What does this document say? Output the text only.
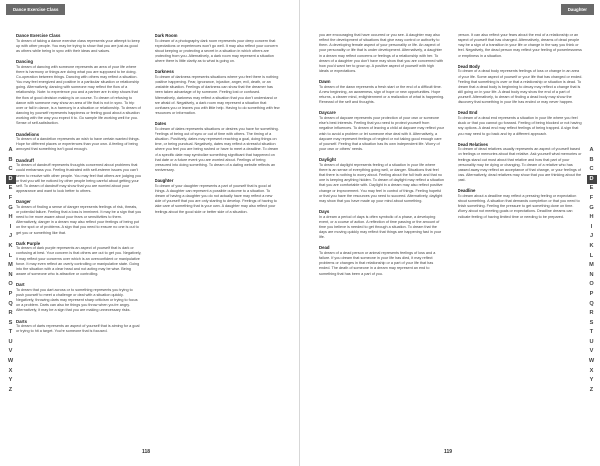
Dance Exercise Class
Dance Exercise Class

To dream of taking a dance exercise class represents your attempt to keep up with other people. You may be trying to show that you are just as good as others while being in sync with their ideas and values.

Dancing

To dream of dancing with someone represents an area of your life where there is harmony or things are doing what you are supposed to be doing. Co-operation between things. Dancing with others may reflect a situation. You may feel energized and positive in a particular situation or relationship going. Alternatively, dancing with someone may reflect the flow of a relationship. Note: to experience you and a partner are in step shows that the flow of good decision making is on course. To dream of refusing to dance with someone may show an area of life that is not in sync. To trip over or fall in dance, is a harmony in a situation or relationship. To dream of dancing by yourself represents happiness or feeling good about a situation working with the way you expect it to. Go sample life working well for you. Sense of self-satisfaction.

Dandelions

To dream of a dandelion represents an wish to have certain wanted things. Hope for different places or experiences than your own. A feeling of being annoyed that something isn't good enough.

Dandruff

To dream of dandruff represents thoughts concerned about problems that could embarrass you. Feeling frustrated with self-esteem issues you can't seem to resolve with other people. You may feel that others are judging you or that you will be noticed by other people being careful about getting your self. To dream of dandruff may show that you are worried about your appearance and want to look better to others.

Danger

To dream of finding a sense of danger represents feelings of risk, threats, or potential failure. Feeling that a loss is imminent. It may be a sign that you need to be more aware about your fears or sensitivities to them. Alternatively, danger in a dream may also reflect your feelings of being put on the spot or of problems. A sign that you need to ensure no one is out to get you or something like that.

Dark Purple

To dream of dark purple represents an aspect of yourself that is dark or confusing at best. Your concern is that others are out to get you. Negatively, it may reflect your concerns over which is an overconfident or manipulative force. It may even reflect an overly controlling or manipulative state. Going into the situation with a clear head and not acting may be wise. Being aware of someone who is attractive or controlling.

Dart

To dream that you dart across or to something represents you trying to push yourself to meet a challenge or deal with a situation quickly. Negatively, throwing darts may represent sharp criticism or trying to focus on a problem. Darts can also be things you throw when you're angry. Alternatively, it may be a sign that you are making unnecessary risks.

Darts

To dream of darts represents an aspect of yourself that is aiming for a goal or trying to hit a target. You're someone that is focused.

Dark Room

To dream of a photography dark room represents your deep concern that expectations or experiences won't go well. It may also reflect your concern about keeping or protecting a secret in a situation in which others are protecting from you. Alternatively, a dark room may represent a situation where there is little clarity as to what is going on.

Darkness

To dream of darkness represents situations where you feel there is nothing positive happening. Fear, ignorance, injustice, anger, evil, death, or an unstable situation. Feelings of darkness can show that the dreamer has been taken advantage of by someone. Feeling lost or confused. Alternatively, darkness may reflect a situation that you don't understand or are afraid of. Negatively, a dark room may represent a situation that confuses you or leaves you with little help. Having to do something with few resources or information.

Dates

To dream of dates represents situations or desires you have for something. Feelings of being out of sync or out of time with others. The timing of a situation. Positively, dates may represent reaching a goal, doing things on time, or being punctual. Negatively, dates may reflect a stressful situation where you feel you are being rushed or have to meet a deadline. To dream of a specific date may symbolize something significant that happened on that date or a future event you are worried about. Feelings of being pressured into doing something. To dream of a dating website reflects an anniversary.

Daughter

To dream of your daughter represents a part of yourself that is good at things. A daughter can represent a possible outcome to a situation. To dream of having a daughter you do not actually have may reflect a new side of yourself that you are only starting to develop. Feelings of having to take care of something that is your own. A daughter may also reflect your feelings about the good side or better side of a situation.

A
B
C
D
E
F
G
H
I
J
K
L
M
N
O
P
Q
R
S
T
U
V
W
X
Y
Z
118
Daughter

you are encouraging that have occurred or you see. A daughter may also reflect the development of situations that give easy control or authority to them. A developing female aspect of your personality or life. An aspect of your personality or life that is under development. Alternatively, a daughter in a dream may reflect concerns or feelings of a relationship with her. To dream of a daughter you don't have may show that you are concerned with how you'd want her to grow up. A positive aspect of yourself with high ideals or expectations.

Dawn

To dream of the dawn represents a fresh start or the end of a difficult time. A new beginning, an awareness, sign of hope or new opportunities. Hope returns, a clearer mind, enlightenment or a realization of what is happening. Renewal of the self and thoughts.

Daycare

To dream of daycare represents your protection of your own or someone else's best interests. Feeling that you need to protect yourself from negative influences. To dream of leaving a child at daycare may reflect your wish to avoid a problem or let someone else deal with it. Alternatively, a daycare may represent feelings of neglect or not taking good enough care of yourself. Feeling that a situation has its own independent life. Worry of your own or others' needs.

Daylight

To dream of daylight represents feeling of a situation in your life where there is an sense of everything going well, or danger. Situations that feel that there is nothing to worry about. Feeling about the full truth and that no one is keeping anything hidden. To dream of daylight may reflect a situation that you are comfortable with. Daylight in a dream may also reflect positive change or improvement. You may feel in control of things. Feeling hopeful or that you have the resources you need to succeed. Alternatively, daylight may show that you have made up your mind about something.

Days

In a dream a period of days is often symbolic of a phase, a developing event, or a course of action. A reflection of time passing or the amount of time you believe is needed to get through a situation. To dream that the days are moving quickly may reflect that things are happening fast in your life.

Dead

To dream of a dead person or animal represents feelings of loss and a failure. If you dream that someone in your life has died, it may reflect problems or changes in that relationship or a part of your life that has ended. The death of someone in a dream may represent an end to something that has been a part of you.

person. It can also reflect your fears about the end of a relationship or an aspect of yourself that has changed. Alternatively, dreams of dead people may be a sign of a transition in your life or change in the way you think or feel. Negatively, the dead person may reflect your feeling of powerlessness or emptiness in a situation.

Dead Body

To dream of a dead body represents feelings of loss or change in an area of your life. Some aspect of yourself or your life that has changed or ended. Feeling that something is over or that a relationship or situation is dead. To dream that a dead body is beginning to decay may reflect a change that is still going on in your life. A dead body may show the end of a part of yourself. Alternatively, to dream of finding a dead body may show the discovery that something in your life has ended or may never happen.

Dead End

To dream of a dead end represents a situation in your life where you feel stuck or that you cannot go forward. Feeling of being blocked or not having any options. A dead end may reflect feelings of being trapped. A sign that you may need to go back and try a different approach.

Dead Relatives

To dream of dead relatives usually represents an aspect of yourself based on feelings or memories about that relative. Ask yourself what memories or feelings stand out most about that relative and how that part of your personality may be dying or changing. To dream of a relative who has passed away may reflect an acceptance of that change, or your feelings of loss. Alternatively, dead relatives may show that you are thinking about the past.

Deadline

To dream about a deadline may reflect a pressing feeling or expectation about something. A situation that demands completion or that you need to finish something. Feeling the pressure to get something done on time. Worry about not meeting goals or expectations. Deadline dreams can indicate feeling of having limited time or needing to be prepared.

A
B
C
D
E
F
G
H
I
J
K
L
M
N
O
P
Q
R
S
T
U
V
W
X
Y
Z
119
